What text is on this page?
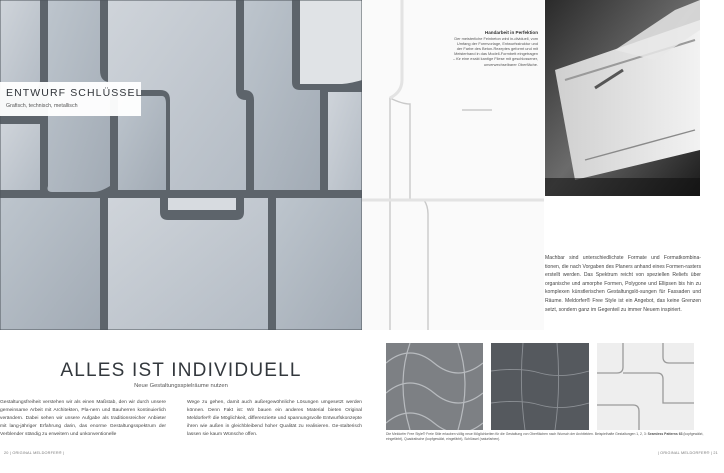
ENTWURF SCHLÜSSEL
Grafisch, technisch, metallisch
Handarbeit in Perfektion
Der meisterliche Feinbeton wird in-dividuell, vom Umfang der Formvorlage, Entwurfsstruktur und der Farbe des Beton-Rezeptes geformt und mit Meisterhand in das Modell-Formbett eingetragen – für eine exakt kantige Fliese mit geschlossener, unverwechselbarer Oberfläche.
Machbar sind unterschiedlichste Formate und Formatkombina-tionen, die nach Vorgaben des Planers anhand eines Formen-rasters erstellt werden. Das Spektrum reicht von speziellen Reliefs über organische und amorphe Formen, Polygone und Ellipsen bis hin zu komplexen künstlerischen Gestaltungslö-sungen für Fassaden und Räume. Meldorfer® Free Style ist ein Angebot, das keine Grenzen setzt, sondern ganz im Gegenteil zu immer Neuem inspiriert.
ALLES IST INDIVIDUELL
Neue Gestaltungsspielräume nutzen
Gestaltungsfreiheit verstehen wir als einen Maßstab, den wir durch unsere gemeinsame Arbeit mit Architekten, Pla-nern und Bauherren kontinuierlich verändern. Dabei sehen wir unsere Aufgabe als traditionsreicher Anbieter mit lang-jähriger Erfahrung darin, das enorme Gestaltungsspektrum der Verblender ständig zu erweitern und unkonventionelle
Wege zu gehen, damit auch außergewöhnliche Lösungen umgesetzt werden können. Denn Fakt ist: Wir bauen ein anderes Material bieten Original Meldorfer® die Möglichkeit, differenzierte und spannungsvolle Entwurfskonzepte ihren wie außen in gleichbleibend hoher Qualität zu realisieren. Ge-stalterisch lassen sie kaum Wünsche offen.	Die Meldorfer Free Style® Freie Stile erlauben völlig neue Möglichkeiten für die Gestaltung von Oberflächen nach Wunsch der Architekten. Beispielhafte Gestaltungen 1, 2, 3: Seamless Patterns 63 (kopfgewälzt, eingefärbt), Quadratische (kopfgewälzt, eingefärbt), Schlüssel (naturfarben).
20 | ORIGINAL MELDORFER® |	| ORIGINAL MELDORFER® | 21
